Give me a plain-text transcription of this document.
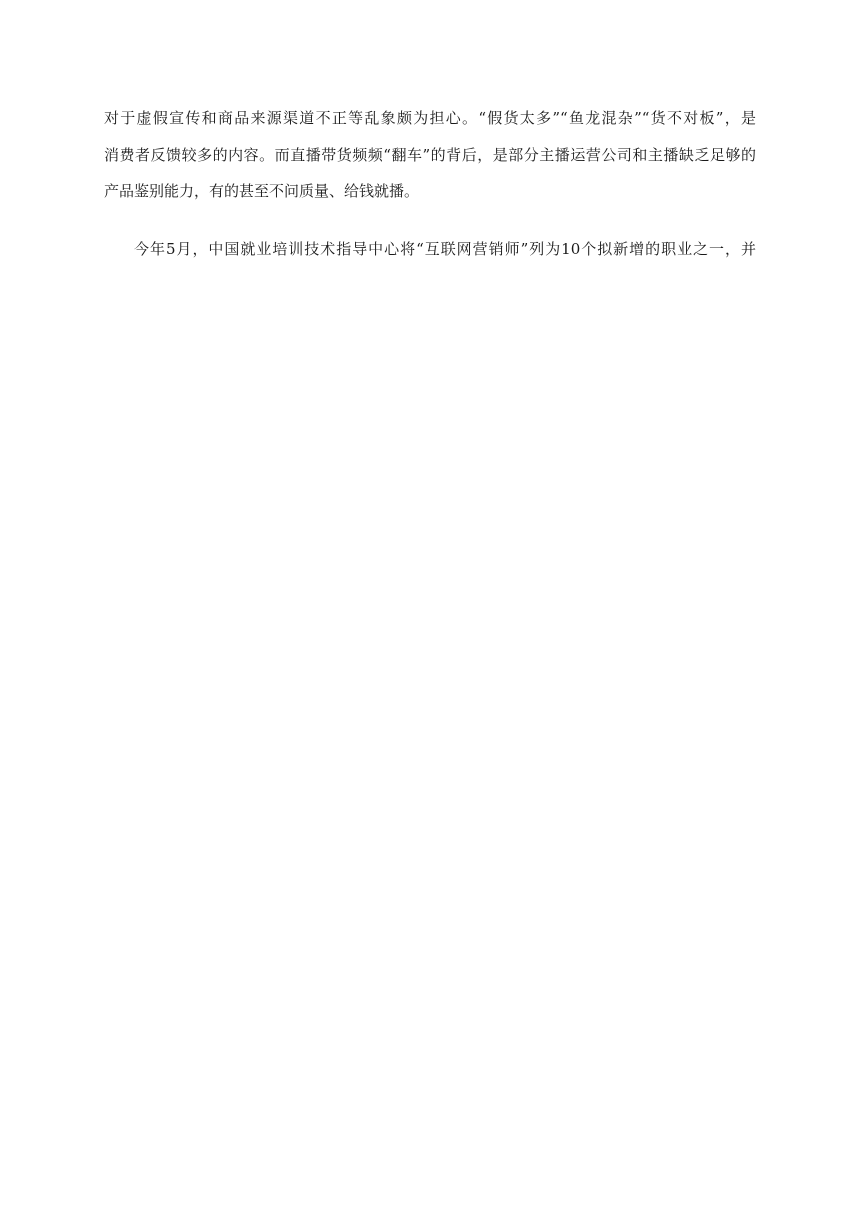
对于虚假宣传和商品来源渠道不正等乱象颇为担心。“假货太多”“鱼龙混杂”“货不对板”，是
消费者反馈较多的内容。而直播带货频频“翻车”的背后，是部分主播运营公司和主播缺乏足够的
产品鉴别能力，有的甚至不问质量、给钱就播。
今年5月，中国就业培训技术指导中心将“互联网营销师”列为10个拟新增的职业之一，并
